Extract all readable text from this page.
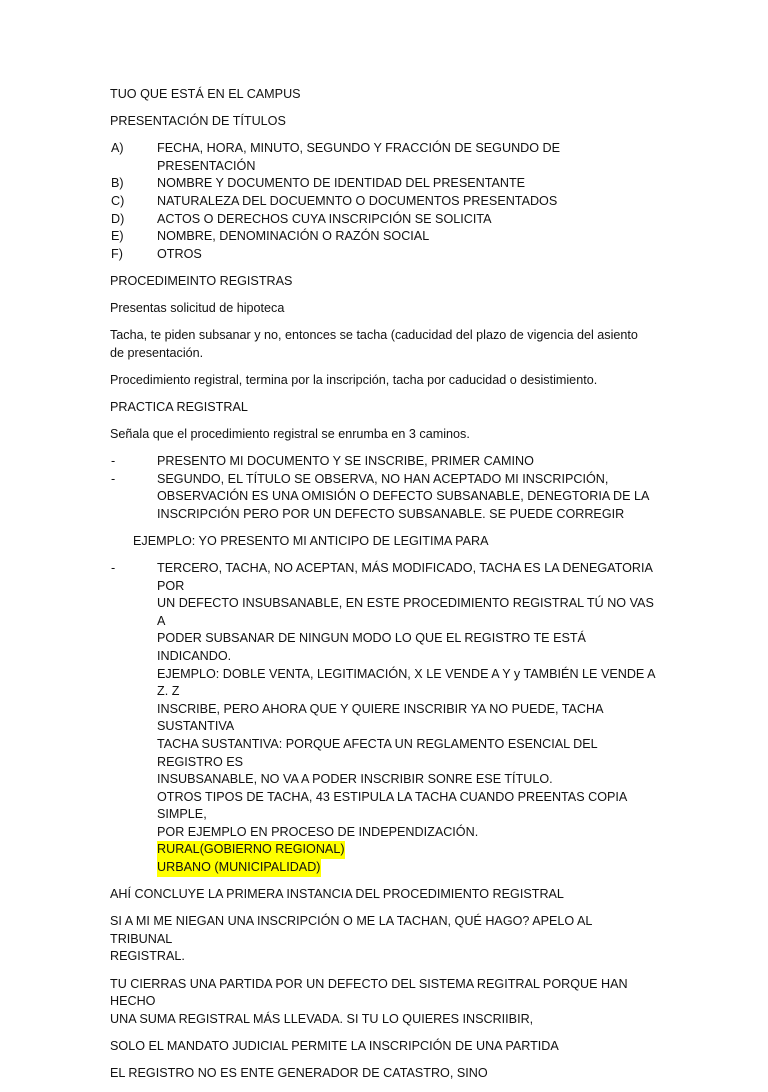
TUO QUE ESTÁ EN EL CAMPUS

PRESENTACIÓN DE TÍTULOS

A)	FECHA, HORA, MINUTO, SEGUNDO Y FRACCIÓN DE SEGUNDO DE PRESENTACIÓN
B)	NOMBRE Y DOCUMENTO DE IDENTIDAD DEL PRESENTANTE
C)	NATURALEZA DEL DOCUEMNTO O DOCUMENTOS PRESENTADOS
D)	ACTOS O DERECHOS CUYA INSCRIPCIÓN SE SOLICITA
E)	NOMBRE, DENOMINACIÓN O RAZÓN SOCIAL
F)	OTROS

PROCEDIMEINTO REGISTRAS

Presentas solicitud de hipoteca

Tacha, te piden subsanar y no, entonces se tacha (caducidad del plazo de vigencia del asiento
de presentación.

Procedimiento registral, termina por la inscripción, tacha por caducidad o desistimiento.

PRACTICA REGISTRAL

Señala que el procedimiento registral se enrumba en 3 caminos.

-	PRESENTO MI DOCUMENTO Y SE INSCRIBE, PRIMER CAMINO
-	SEGUNDO, EL TÍTULO SE OBSERVA, NO HAN ACEPTADO MI INSCRIPCIÓN,
OBSERVACIÓN ES UNA OMISIÓN O DEFECTO SUBSANABLE, DENEGTORIA DE LA
INSCRIPCIÓN PERO POR UN DEFECTO SUBSANABLE. SE PUEDE CORREGIR

EJEMPLO: YO PRESENTO MI ANTICIPO DE LEGITIMA PARA

-	TERCERO, TACHA, NO ACEPTAN, MÁS MODIFICADO, TACHA ES LA DENEGATORIA POR
UN DEFECTO INSUBSANABLE, EN ESTE PROCEDIMIENTO REGISTRAL TÚ NO VAS A
PODER SUBSANAR DE NINGUN MODO LO QUE EL REGISTRO TE ESTÁ INDICANDO.
EJEMPLO: DOBLE VENTA, LEGITIMACIÓN, X LE VENDE A Y y TAMBIÉN LE VENDE A Z. Z
INSCRIBE, PERO AHORA QUE Y QUIERE INSCRIBIR YA NO PUEDE, TACHA SUSTANTIVA
TACHA SUSTANTIVA: PORQUE AFECTA UN REGLAMENTO ESENCIAL DEL REGISTRO ES
INSUBSANABLE, NO VA A PODER INSCRIBIR SONRE ESE TÍTULO.
OTROS TIPOS DE TACHA, 43 ESTIPULA LA TACHA CUANDO PREENTAS COPIA SIMPLE,
POR EJEMPLO EN PROCESO DE INDEPENDIZACIÓN.
RURAL(GOBIERNO REGIONAL)
URBANO (MUNICIPALIDAD)

AHÍ CONCLUYE LA PRIMERA INSTANCIA DEL PROCEDIMIENTO REGISTRAL

SI A MI ME NIEGAN UNA INSCRIPCIÓN O ME LA TACHAN, QUÉ HAGO? APELO AL TRIBUNAL
REGISTRAL.

TU CIERRAS UNA PARTIDA POR UN DEFECTO DEL SISTEMA REGITRAL PORQUE HAN HECHO
UNA SUMA REGISTRAL MÁS LLEVADA. SI TU LO QUIERES INSCRIIBIR,

SOLO EL MANDATO JUDICIAL PERMITE LA INSCRIPCIÓN DE UNA PARTIDA

EL REGISTRO NO ES ENTE GENERADOR DE CATASTRO, SINO
